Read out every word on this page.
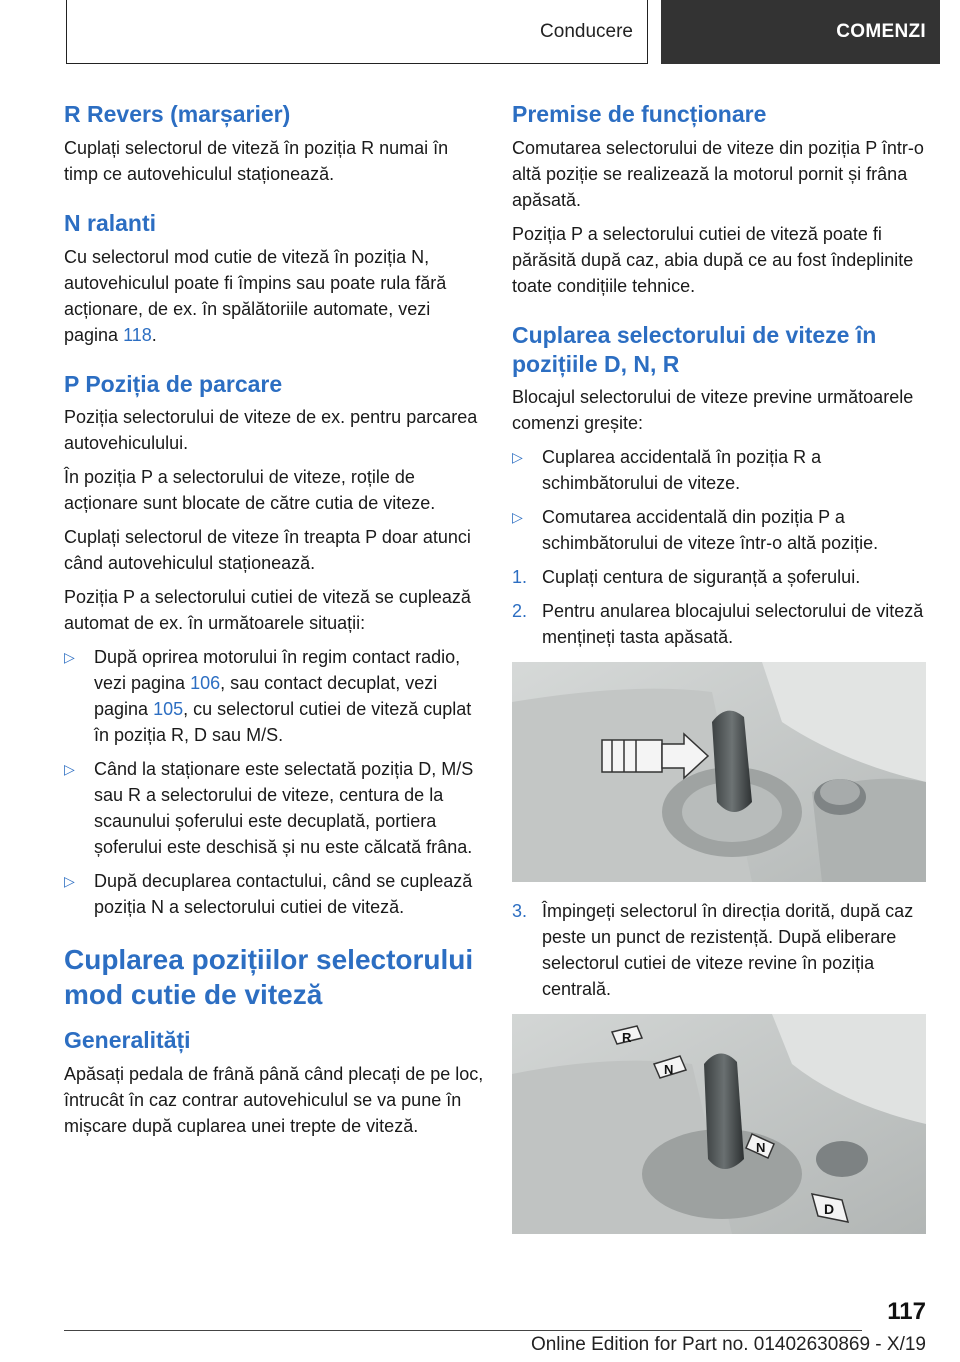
Conducere	COMENZI
R Revers (marșarier)

Cuplați selectorul de viteză în poziția R numai în timp ce autovehiculul staționează.

N ralanti

Cu selectorul mod cutie de viteză în poziția N, autovehiculul poate fi împins sau poate rula fără acționare, de ex. în spălătoriile automate, vezi pagina 118.

P Poziția de parcare

Poziția selectorului de viteze de ex. pentru parcarea autovehiculului.

În poziția P a selectorului de viteze, roțile de acționare sunt blocate de către cutia de viteze.

Cuplați selectorul de viteze în treapta P doar atunci când autovehiculul staționează.

Poziția P a selectorului cutiei de viteză se cuplează automat de ex. în următoarele situații:

▷ După oprirea motorului în regim contact radio, vezi pagina 106, sau contact decuplat, vezi pagina 105, cu selectorul cutiei de viteză cuplat în poziția R, D sau M/S.
▷ Când la staționare este selectată poziția D, M/S sau R a selectorului de viteze, centura de la scaunului șoferului este decuplată, portiera șoferului este deschisă și nu este călcată frâna.
▷ După decuplarea contactului, când se cuplează poziția N a selectorului cutiei de viteză.
Cuplarea pozițiilor selectorului mod cutie de viteză
Generalități

Apăsați pedala de frână până când plecați de pe loc, întrucât în caz contrar autovehiculul se va pune în mișcare după cuplarea unei trepte de viteză.

Premise de funcționare

Comutarea selectorului de viteze din poziția P într-o altă poziție se realizează la motorul pornit și frâna apăsată.

Poziția P a selectorului cutiei de viteză poate fi părăsită după caz, abia după ce au fost îndeplinite toate condițiile tehnice.

Cuplarea selectorului de viteze în pozițiile D, N, R

Blocajul selectorului de viteze previne următoarele comenzi greșite:

▷ Cuplarea accidentală în poziția R a schimbătorului de viteze.
▷ Comutarea accidentală din poziția P a schimbătorului de viteze într-o altă poziție.
1. Cuplați centura de siguranță a șoferului.
2. Pentru anularea blocajului selectorului de viteză mențineți tasta apăsată.
3. Împingeți selectorul în direcția dorită, după caz peste un punct de rezistență. După eliberare selectorul cutiei de viteze revine în poziția centrală.
R
N
N
D
117
Online Edition for Part no. 01402630869 - X/19
